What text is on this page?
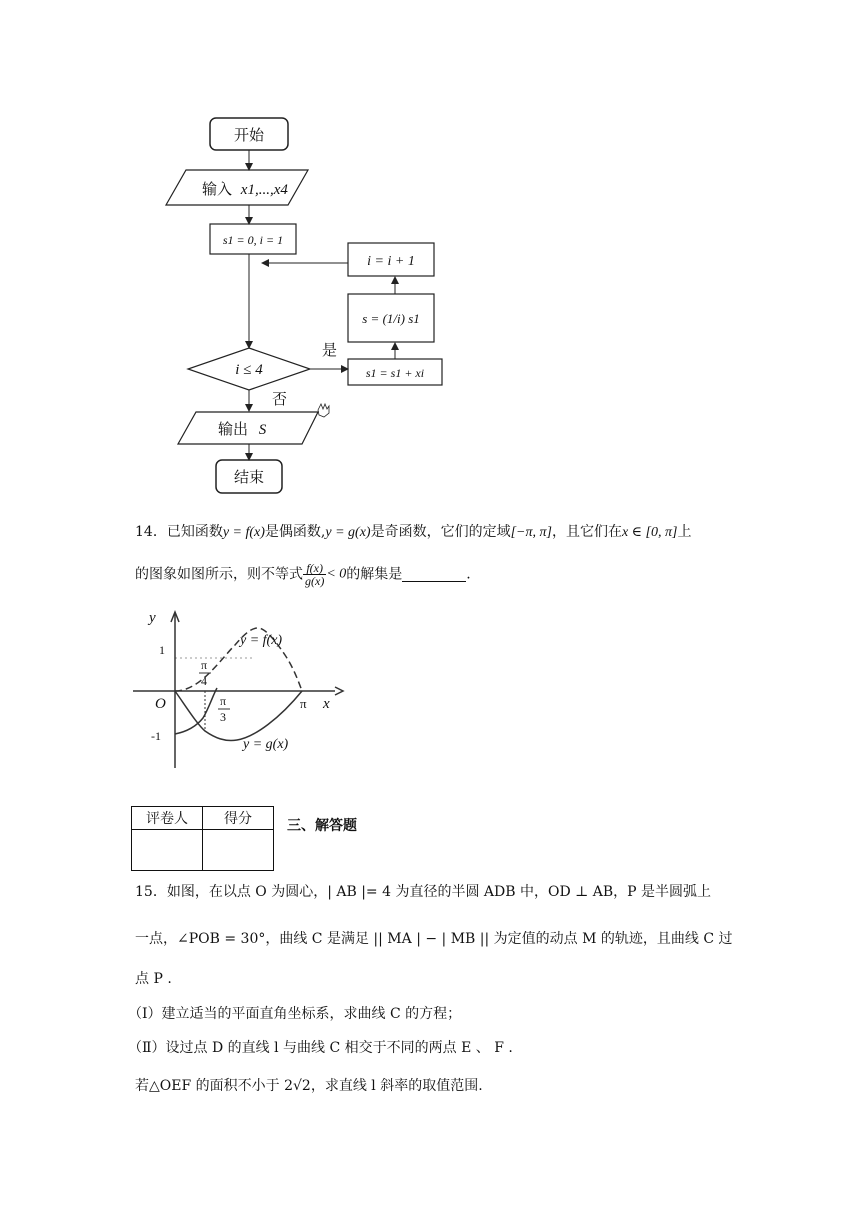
开始
输入 x1,...,x4
s1 = 0, i = 1
i ≤ 4
是
否
s1 = s1 + xi
s = (1/i) s1
i = i + 1
输出 S
结束
14．已知函数y = f(x)是偶函数,y = g(x)是奇函数，它们的定域[−π, π]，且它们在x ∈ [0, π]上
的图象如图所示，则不等式 $\frac{f(x)}{g(x)} < 0$的解集是	.
y
x
y = f(x)
y = g(x)
1
-1
O	π
π
4
π
3
评卷人	得分
		三、解答题
15．如图，在以点 O 为圆心，| AB |= 4 为直径的半圆 ADB 中，OD ⊥ AB，P 是半圆弧上
一点，∠POB = 30°，曲线 C 是满足 || MA | − | MB || 为定值的动点 M 的轨迹，且曲线 C 过
点 P .
（Ⅰ）建立适当的平面直角坐标系，求曲线 C 的方程；
（Ⅱ）设过点 D 的直线 l 与曲线 C 相交于不同的两点 E 、 F .
若△OEF 的面积不小于 2√2，求直线 l 斜率的取值范围.
